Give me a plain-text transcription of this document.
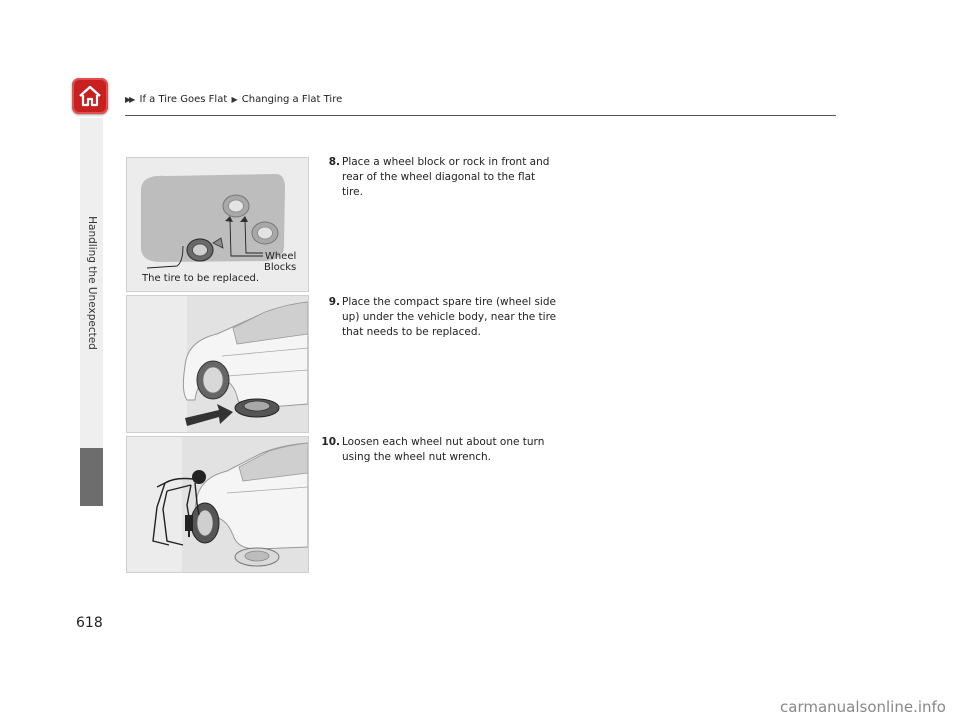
▶▶ If a Tire Goes Flat ▶ Changing a Flat Tire
Handling the Unexpected
618
Wheel
Blocks
The tire to be replaced.
8. Place a wheel block or rock in front and rear of the wheel diagonal to the flat tire.
9. Place the compact spare tire (wheel side up) under the vehicle body, near the tire that needs to be replaced.
10. Loosen each wheel nut about one turn using the wheel nut wrench.
carmanualsonline.info
